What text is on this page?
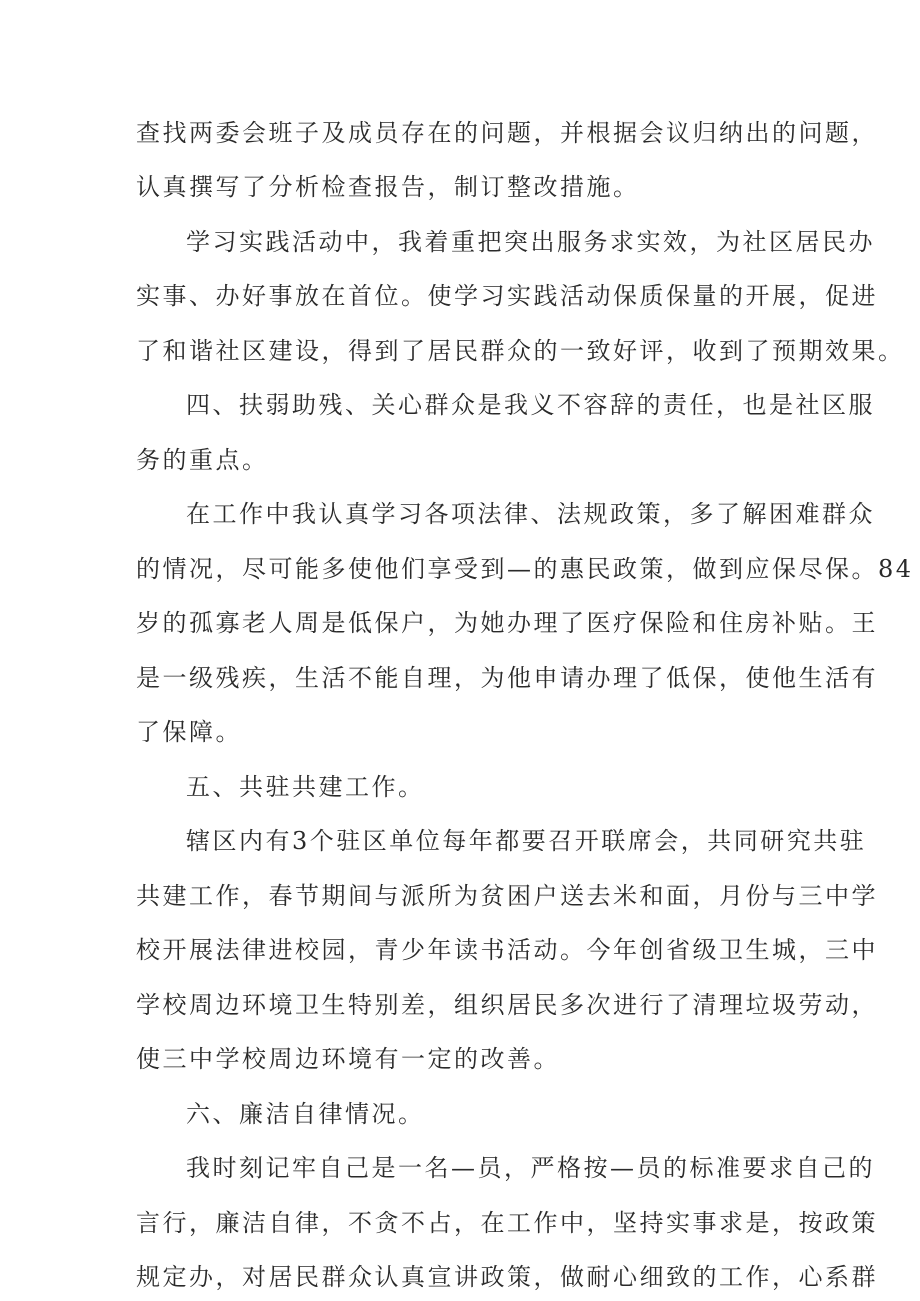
查找两委会班子及成员存在的问题，并根据会议归纳出的问题，

认真撰写了分析检查报告，制订整改措施。

学习实践活动中，我着重把突出服务求实效，为社区居民办

实事、办好事放在首位。使学习实践活动保质保量的开展，促进

了和谐社区建设，得到了居民群众的一致好评，收到了预期效果。

四、扶弱助残、关心群众是我义不容辞的责任，也是社区服

务的重点。

在工作中我认真学习各项法律、法规政策，多了解困难群众

的情况，尽可能多使他们享受到—的惠民政策，做到应保尽保。84

岁的孤寡老人周是低保户，为她办理了医疗保险和住房补贴。王

是一级残疾，生活不能自理，为他申请办理了低保，使他生活有

了保障。

五、共驻共建工作。

辖区内有3个驻区单位每年都要召开联席会，共同研究共驻

共建工作，春节期间与派所为贫困户送去米和面，月份与三中学

校开展法律进校园，青少年读书活动。今年创省级卫生城，三中

学校周边环境卫生特别差，组织居民多次进行了清理垃圾劳动，

使三中学校周边环境有一定的改善。

六、廉洁自律情况。

我时刻记牢自己是一名—员，严格按—员的标准要求自己的

言行，廉洁自律，不贪不占，在工作中，坚持实事求是，按政策

规定办，对居民群众认真宣讲政策，做耐心细致的工作，心系群
